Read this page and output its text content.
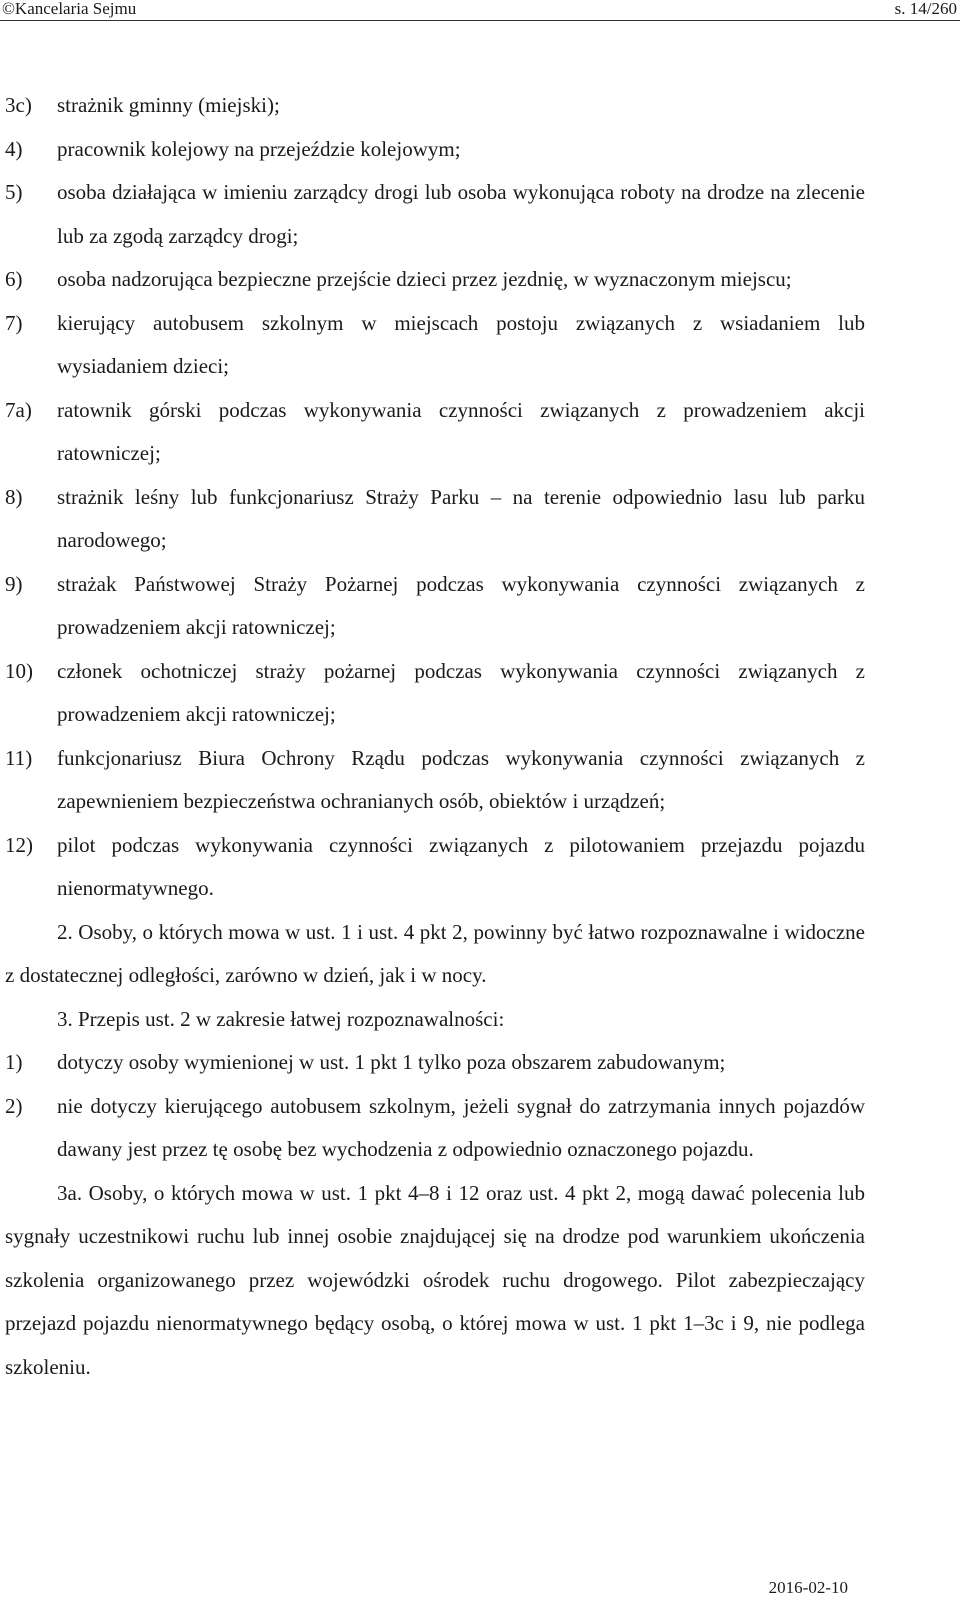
©Kancelaria Sejmu	s. 14/260
3c) strażnik gminny (miejski);
4) pracownik kolejowy na przejeździe kolejowym;
5) osoba działająca w imieniu zarządcy drogi lub osoba wykonująca roboty na drodze na zlecenie lub za zgodą zarządcy drogi;
6) osoba nadzorująca bezpieczne przejście dzieci przez jezdnię, w wyznaczonym miejscu;
7) kierujący autobusem szkolnym w miejscach postoju związanych z wsiadaniem lub wysiadaniem dzieci;
7a) ratownik górski podczas wykonywania czynności związanych z prowadzeniem akcji ratowniczej;
8) strażnik leśny lub funkcjonariusz Straży Parku – na terenie odpowiednio lasu lub parku narodowego;
9) strażak Państwowej Straży Pożarnej podczas wykonywania czynności związanych z prowadzeniem akcji ratowniczej;
10) członek ochotniczej straży pożarnej podczas wykonywania czynności związanych z prowadzeniem akcji ratowniczej;
11) funkcjonariusz Biura Ochrony Rządu podczas wykonywania czynności związanych z zapewnieniem bezpieczeństwa ochranianych osób, obiektów i urządzeń;
12) pilot podczas wykonywania czynności związanych z pilotowaniem przejazdu pojazdu nienormatywnego.
2. Osoby, o których mowa w ust. 1 i ust. 4 pkt 2, powinny być łatwo rozpoznawalne i widoczne z dostatecznej odległości, zarówno w dzień, jak i w nocy.
3. Przepis ust. 2 w zakresie łatwej rozpoznawalności:
1) dotyczy osoby wymienionej w ust. 1 pkt 1 tylko poza obszarem zabudowanym;
2) nie dotyczy kierującego autobusem szkolnym, jeżeli sygnał do zatrzymania innych pojazdów dawany jest przez tę osobę bez wychodzenia z odpowiednio oznaczonego pojazdu.
3a. Osoby, o których mowa w ust. 1 pkt 4–8 i 12 oraz ust. 4 pkt 2, mogą dawać polecenia lub sygnały uczestnikowi ruchu lub innej osobie znajdującej się na drodze pod warunkiem ukończenia szkolenia organizowanego przez wojewódzki ośrodek ruchu drogowego. Pilot zabezpieczający przejazd pojazdu nienormatywnego będący osobą, o której mowa w ust. 1 pkt 1–3c i 9, nie podlega szkoleniu.
2016-02-10
